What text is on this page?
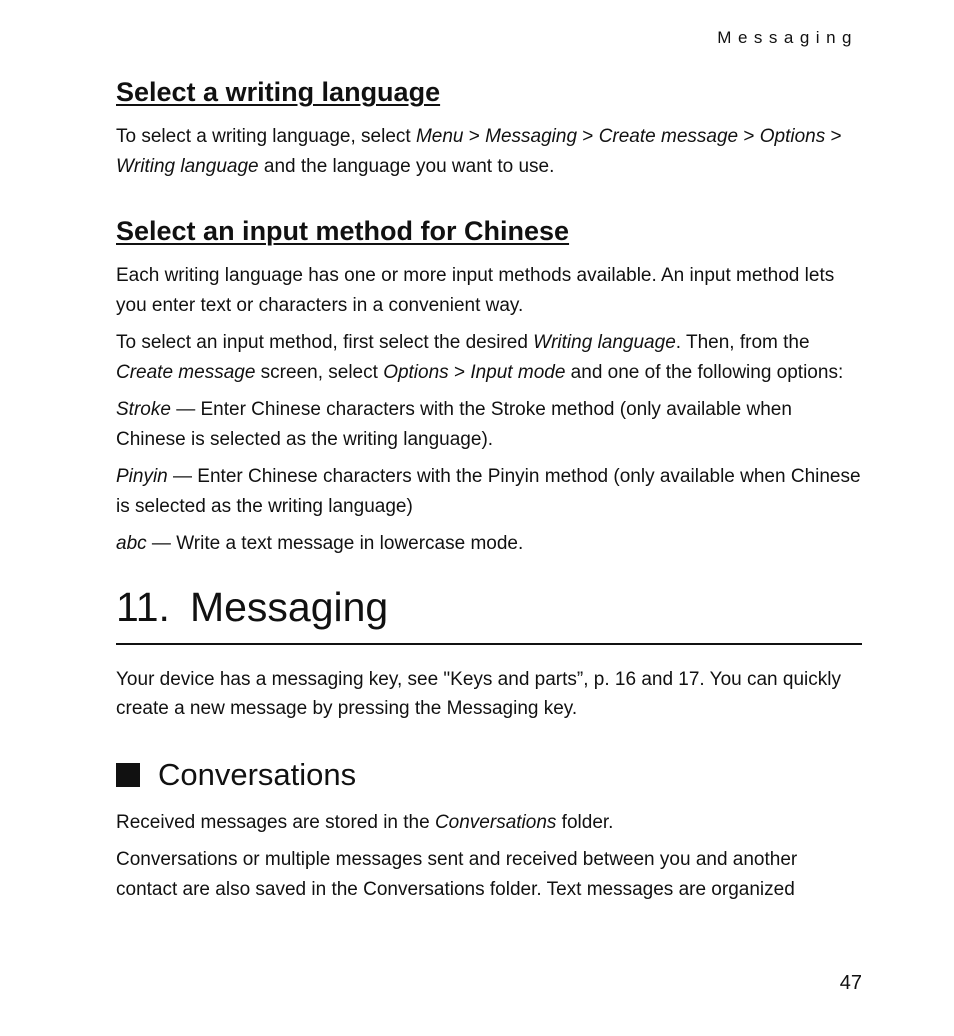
Messaging
Select a writing language

To select a writing language, select Menu > Messaging > Create message > Options > Writing language and the language you want to use.

Select an input method for Chinese

Each writing language has one or more input methods available. An input method lets you enter text or characters in a convenient way.

To select an input method, first select the desired Writing language. Then, from the Create message screen, select Options > Input mode and one of the following options:

Stroke — Enter Chinese characters with the Stroke method (only available when Chinese is selected as the writing language).

Pinyin — Enter Chinese characters with the Pinyin method (only available when Chinese is selected as the writing language)

abc — Write a text message in lowercase mode.

11. Messaging

Your device has a messaging key, see "Keys and parts”, p. 16 and 17. You can quickly create a new message by pressing the Messaging key.

Conversations

Received messages are stored in the Conversations folder.

Conversations or multiple messages sent and received between you and another contact are also saved in the Conversations folder. Text messages are organized

47
